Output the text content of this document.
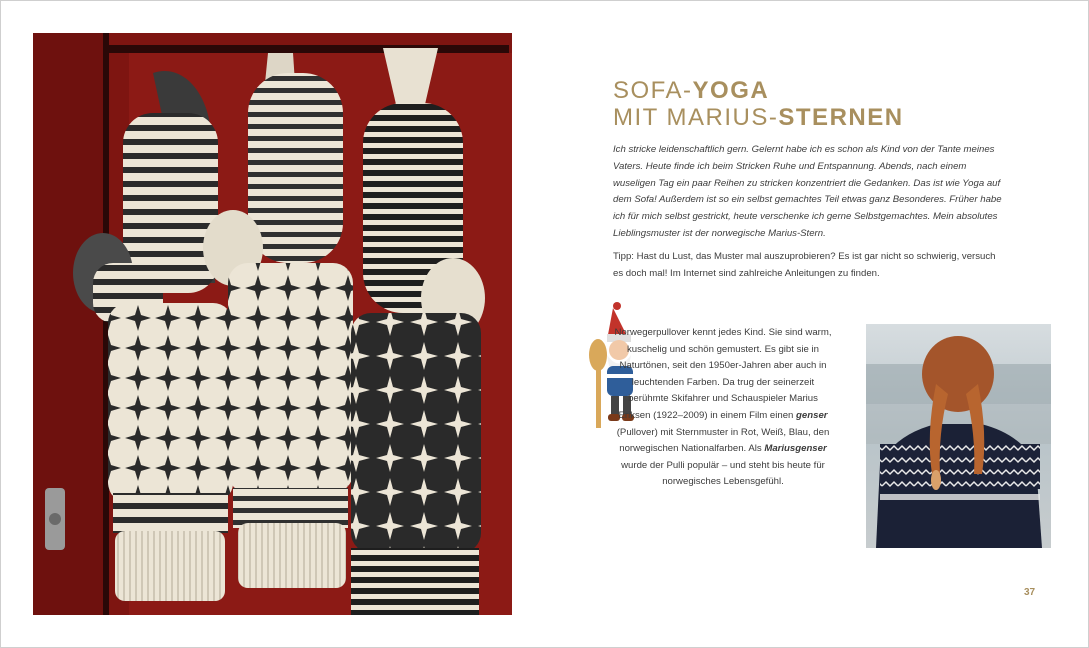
SOFA-YOGA
MIT MARIUS-STERNEN
Ich stricke leidenschaftlich gern. Gelernt habe ich es schon als Kind von der Tante meines Vaters. Heute finde ich beim Stricken Ruhe und Entspannung. Abends, nach einem wuseligen Tag ein paar Reihen zu stricken konzentriert die Gedanken. Das ist wie Yoga auf dem Sofa! Außerdem ist so ein selbst gemachtes Teil etwas ganz Besonderes. Früher habe ich für mich selbst gestrickt, heute verschenke ich gerne Selbstgemachtes. Mein absolutes Lieblingsmuster ist der norwegische Marius-Stern.
Tipp: Hast du Lust, das Muster mal auszuprobieren? Es ist gar nicht so schwierig, versuch es doch mal! Im Internet sind zahlreiche Anleitungen zu finden.
Norwegerpullover kennt jedes Kind. Sie sind warm, kuschelig und schön gemustert. Es gibt sie in Naturtönen, seit den 1950er-Jahren aber auch in leuchtenden Farben. Da trug der seinerzeit berühmte Skifahrer und Schauspieler Marius Eriksen (1922–2009) in einem Film einen genser (Pullover) mit Sternmuster in Rot, Weiß, Blau, den norwegischen Nationalfarben. Als Mariusgenser wurde der Pulli populär – und steht bis heute für norwegisches Lebensgefühl.
37
